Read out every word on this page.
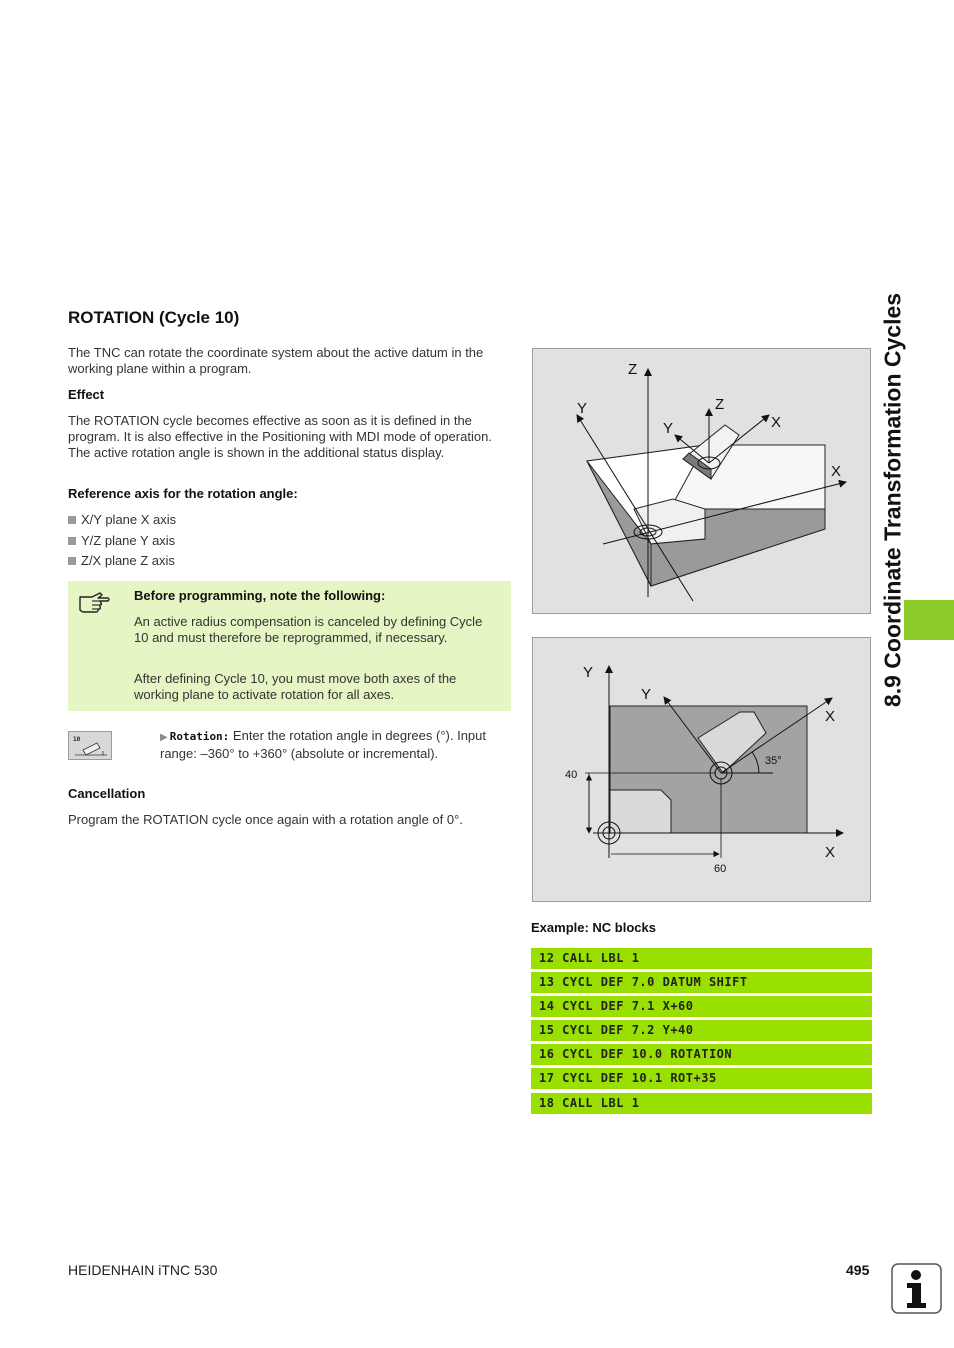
ROTATION (Cycle 10)
The TNC can rotate the coordinate system about the active datum in the working plane within a program.
Effect
The ROTATION cycle becomes effective as soon as it is defined in the program. It is also effective in the Positioning with MDI mode of operation. The active rotation angle is shown in the additional status display.
Reference axis for the rotation angle:
X/Y plane X axis
Y/Z plane Y axis
Z/X plane Z axis
Before programming, note the following:
An active radius compensation is canceled by defining Cycle 10 and must therefore be reprogrammed, if necessary.
After defining Cycle 10, you must move both axes of the working plane to activate rotation for all axes.
10	▶ Rotation: Enter the rotation angle in degrees (°). Input range: –360° to +360° (absolute or incremental).
Cancellation
Program the ROTATION cycle once again with a rotation angle of 0°.
Z
Y	Z
Y	X
X
Y
Y
X
X
35°
40
60
Example: NC blocks
12 CALL LBL 1
13 CYCL DEF 7.0 DATUM SHIFT
14 CYCL DEF 7.1 X+60
15 CYCL DEF 7.2 Y+40
16 CYCL DEF 10.0 ROTATION
17 CYCL DEF 10.1 ROT+35
18 CALL LBL 1
8.9 Coordinate Transformation Cycles
HEIDENHAIN iTNC 530	495
